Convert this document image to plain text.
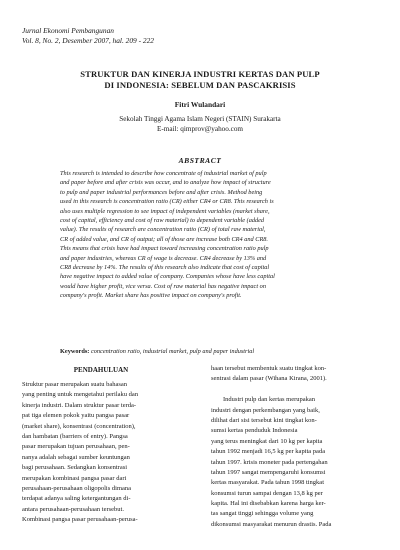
Jurnal Ekonomi Pembangunan
Vol. 8, No. 2, Desember 2007, hal. 209 - 222
STRUKTUR DAN KINERJA INDUSTRI KERTAS DAN PULP
DI INDONESIA: SEBELUM DAN PASCAKRISIS
Fitri Wulandari
Sekolah Tinggi Agama Islam Negeri (STAIN) Surakarta
E-mail: qimprov@yahoo.com
ABSTRACT
This research is intended to describe how concentrate of industrial market of pulp
and paper before and after crisis was occur, and to analyze how impact of structure
to pulp and paper industrial performances before and after crisis. Method being
used in this research is concentration ratio (CR) either CR4 or CR8. This research is
also uses multiple regression to see impact of independent variables (market share,
cost of capital, efficiency and cost of raw material) to dependent variable (added
value). The results of research are concentration ratio (CR) of total raw material,
CR of added value, and CR of output; all of those are increase both CR4 and CR8.
This means that crisis have had impact toward increasing concentration ratio pulp
and paper industries, whereas CR of wage is decrease. CR4 decrease by 13% and
CR8 decrease by 14%. The results of this research also indicate that cost of capital
have negative impact to added value of company. Companies whose have less capital
would have higher profit, vice versa. Cost of raw material has negative impact on
company's profit. Market share has positive impact on company's profit.
Keywords: concentration ratio, industrial market, pulp and paper industrial
PENDAHULUAN
Struktur pasar merupakan suatu bahasan
yang penting untuk mengetahui perilaku dan
kinerja industri. Dalam struktur pasar terda-
pat tiga elemen pokok yaitu pangsa pasar
(market share), konsentrasi (concentration),
dan hambatan (barriers of entry). Pangsa
pasar merupakan tujuan perusahaan, pen-
nanya adalah sebagai sumber keuntungan
bagi perusahaan. Sedangkan konsentrasi
merupakan kombinasi pangsa pasar dari
perusahaan-perusahaan oligopolis dimana
terdapat adanya saling ketergantungan di-
antara perusahaan-perusahaan tersebut.
Kombinasi pangsa pasar perusahaan-perusa-
haan tersebut membentuk suatu tingkat kon-
sentrasi dalam pasar (Wihana Kirana, 2001).
Industri pulp dan kertas merupakan
industri dengan perkembangan yang baik,
dilihat dari sisi tersebut kini tingkat kon-
sumsi kertas penduduk Indonesia
yang terus meningkat dari 10 kg per kapita
tahun 1992 menjadi 16,5 kg per kapita pada
tahun 1997. krisis moneter pada pertengahan
tahun 1997 sangat mempengaruhi konsumsi
kertas masyarakat. Pada tahun 1998 tingkat
konsumsi turun sampai dengan 13,8 kg per
kapita. Hal ini disebabkan karena harga ker-
tas sangat tinggi sehingga volume yang
dikonsumsi masyarakat menurun drastis. Pada
